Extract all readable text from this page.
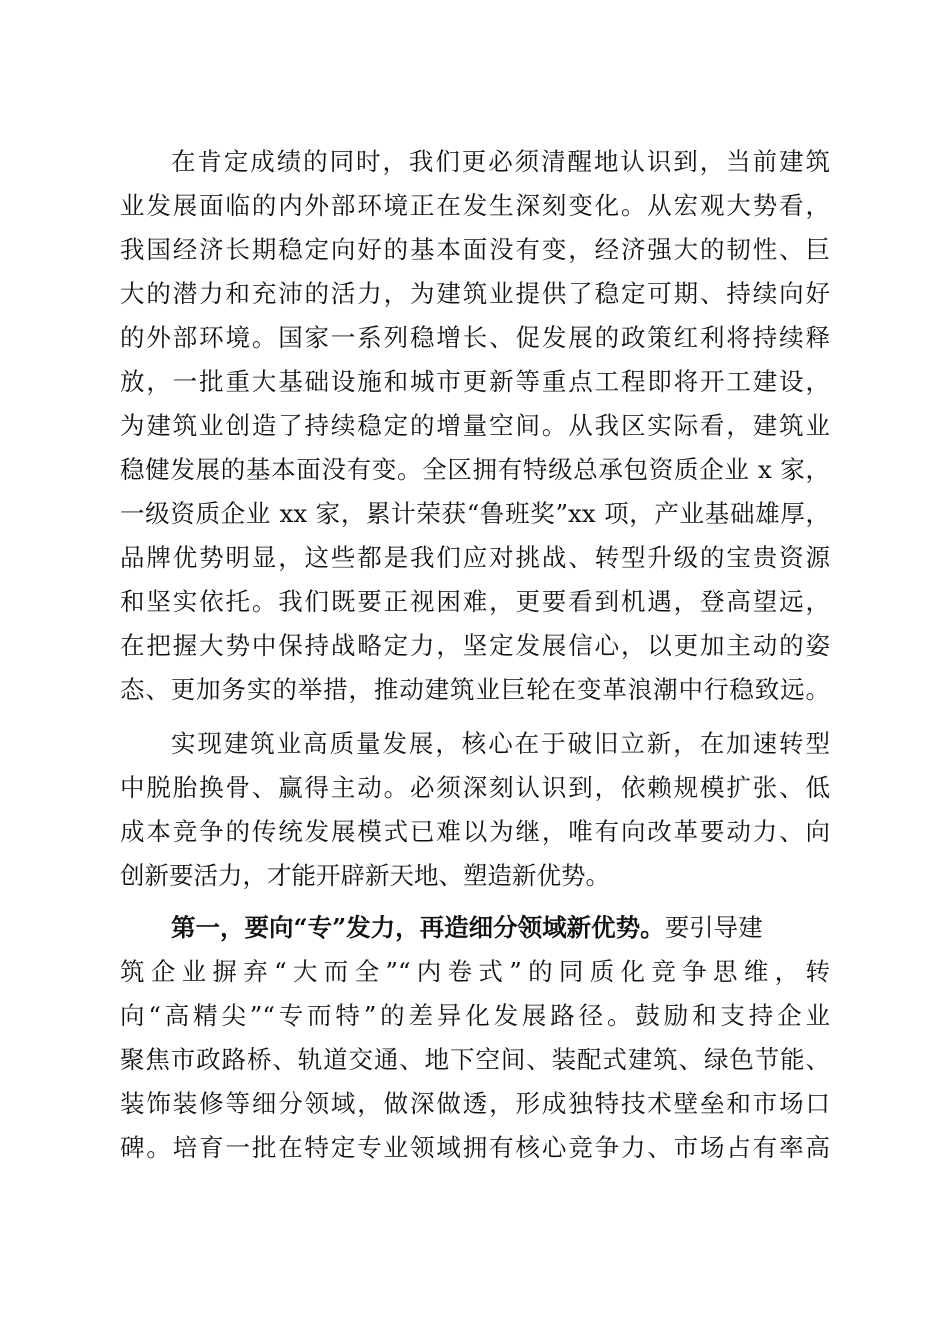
在肯定成绩的同时，我们更必须清醒地认识到，当前建筑
业发展面临的内外部环境正在发生深刻变化。从宏观大势看，
我国经济长期稳定向好的基本面没有变，经济强大的韧性、巨
大的潜力和充沛的活力，为建筑业提供了稳定可期、持续向好
的外部环境。国家一系列稳增长、促发展的政策红利将持续释
放，一批重大基础设施和城市更新等重点工程即将开工建设，
为建筑业创造了持续稳定的增量空间。从我区实际看，建筑业
稳健发展的基本面没有变。全区拥有特级总承包资质企业 x 家，
一级资质企业 xx 家，累计荣获“鲁班奖”xx 项，产业基础雄厚，
品牌优势明显，这些都是我们应对挑战、转型升级的宝贵资源
和坚实依托。我们既要正视困难，更要看到机遇，登高望远，
在把握大势中保持战略定力，坚定发展信心，以更加主动的姿
态、更加务实的举措，推动建筑业巨轮在变革浪潮中行稳致远。
实现建筑业高质量发展，核心在于破旧立新，在加速转型
中脱胎换骨、赢得主动。必须深刻认识到，依赖规模扩张、低
成本竞争的传统发展模式已难以为继，唯有向改革要动力、向
创新要活力，才能开辟新天地、塑造新优势。
第一，要向“专”发力，再造细分领域新优势。要引导建
筑企业摒弃“大而全”“内卷式”的同质化竞争思维，转
向“高精尖”“专而特”的差异化发展路径。鼓励和支持企业
聚焦市政路桥、轨道交通、地下空间、装配式建筑、绿色节能、
装饰装修等细分领域，做深做透，形成独特技术壁垒和市场口
碑。培育一批在特定专业领域拥有核心竞争力、市场占有率高
